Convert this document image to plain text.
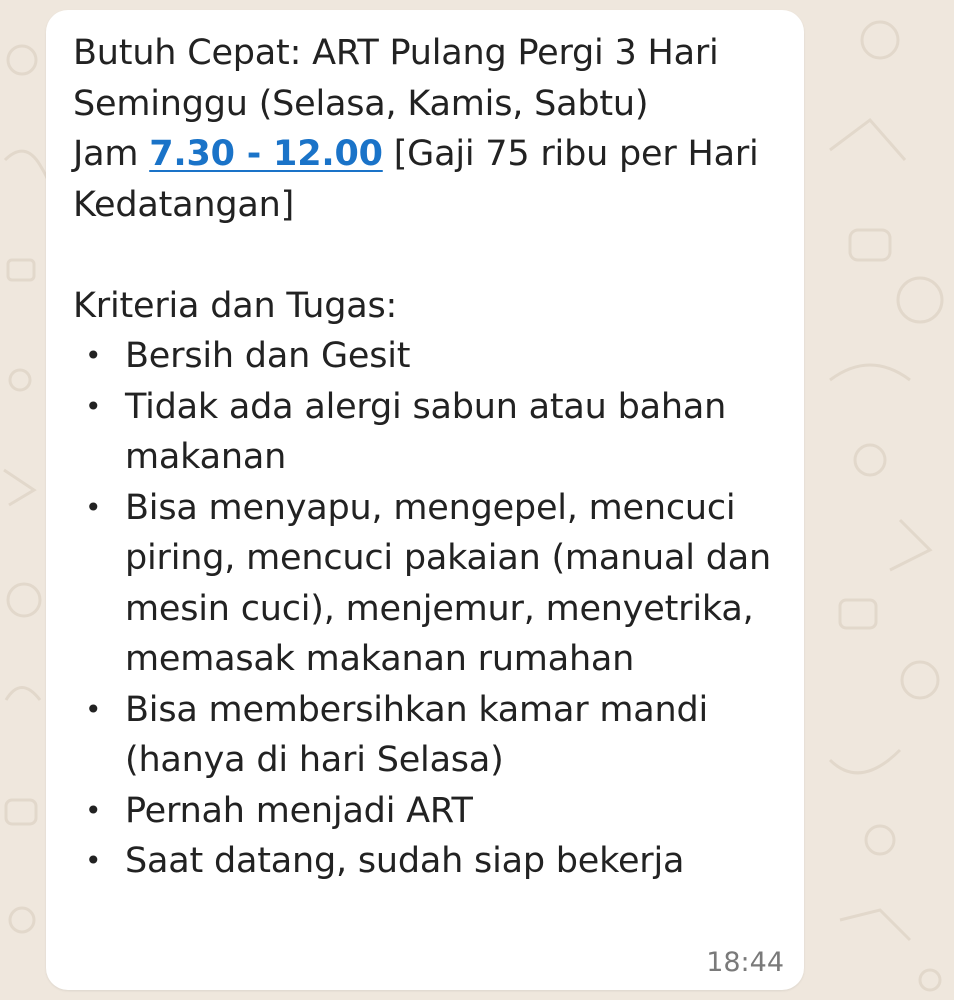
18:44

Butuh Cepat: ART Pulang Pergi 3 Hari Seminggu (Selasa, Kamis, Sabtu)

Jam 7.30 - 12.00 [Gaji 75 ribu per Hari Kedatangan]

Kriteria dan Tugas:

• Bersih dan Gesit
• Tidak ada alergi sabun atau bahan makanan
• Bisa menyapu, mengepel, mencuci piring, mencuci pakaian (manual dan mesin cuci), menjemur, menyetrika, memasak makanan rumahan
• Bisa membersihkan kamar mandi (hanya di hari Selasa)
• Pernah menjadi ART
• Saat datang, sudah siap bekerja
